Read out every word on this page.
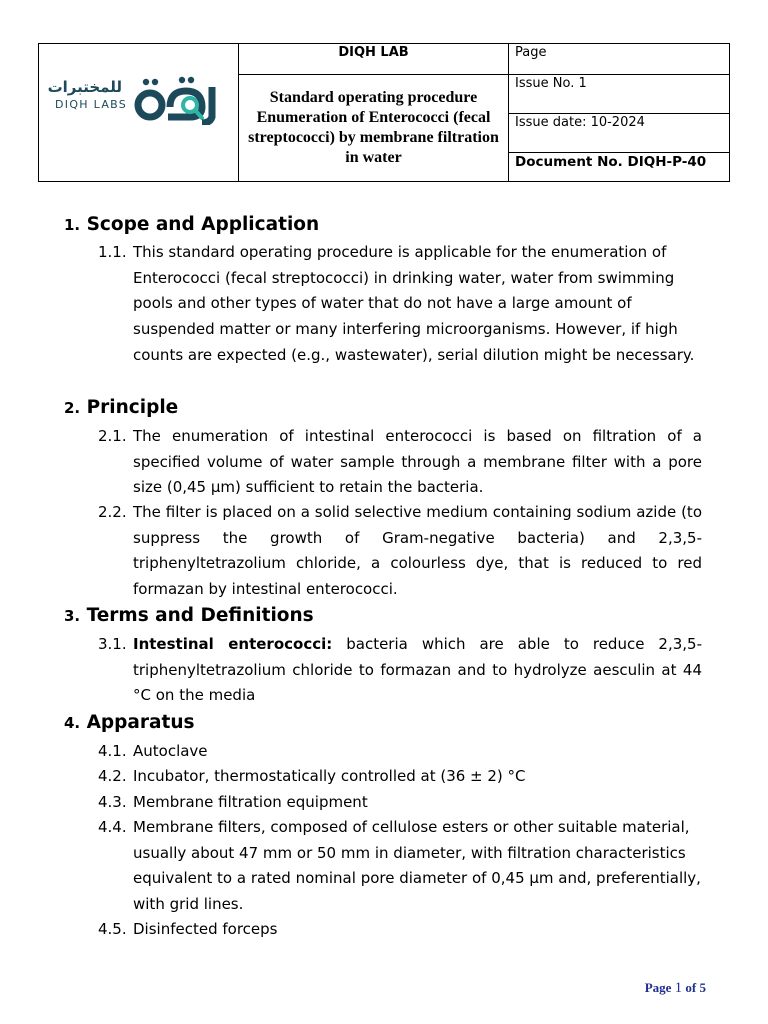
للمختبرات
DIQH LABS	DIQH LAB	Page

	Standard operating procedure Enumeration of Enterococci (fecal streptococci) by membrane filtration in water	Issue No. 1

		Issue date: 10-2024

		Document No. DIQH-P-40
1. Scope and Application
1.1. This standard operating procedure is applicable for the enumeration of Enterococci (fecal streptococci) in drinking water, water from swimming pools and other types of water that do not have a large amount of suspended matter or many interfering microorganisms. However, if high counts are expected (e.g., wastewater), serial dilution might be necessary.
2. Principle
2.1. The enumeration of intestinal enterococci is based on filtration of a specified volume of water sample through a membrane filter with a pore size (0,45 µm) sufficient to retain the bacteria.
2.2. The filter is placed on a solid selective medium containing sodium azide (to suppress the growth of Gram-negative bacteria) and 2,3,5-triphenyltetrazolium chloride, a colourless dye, that is reduced to red formazan by intestinal enterococci.
3. Terms and Definitions
3.1. Intestinal enterococci: bacteria which are able to reduce 2,3,5-triphenyltetrazolium chloride to formazan and to hydrolyze aesculin at 44 °C on the media
4. Apparatus
4.1. Autoclave
4.2. Incubator, thermostatically controlled at (36 ± 2) °C
4.3. Membrane filtration equipment
4.4. Membrane filters, composed of cellulose esters or other suitable material, usually about 47 mm or 50 mm in diameter, with filtration characteristics equivalent to a rated nominal pore diameter of 0,45 µm and, preferentially, with grid lines.
4.5. Disinfected forceps
Page 1 of 5
